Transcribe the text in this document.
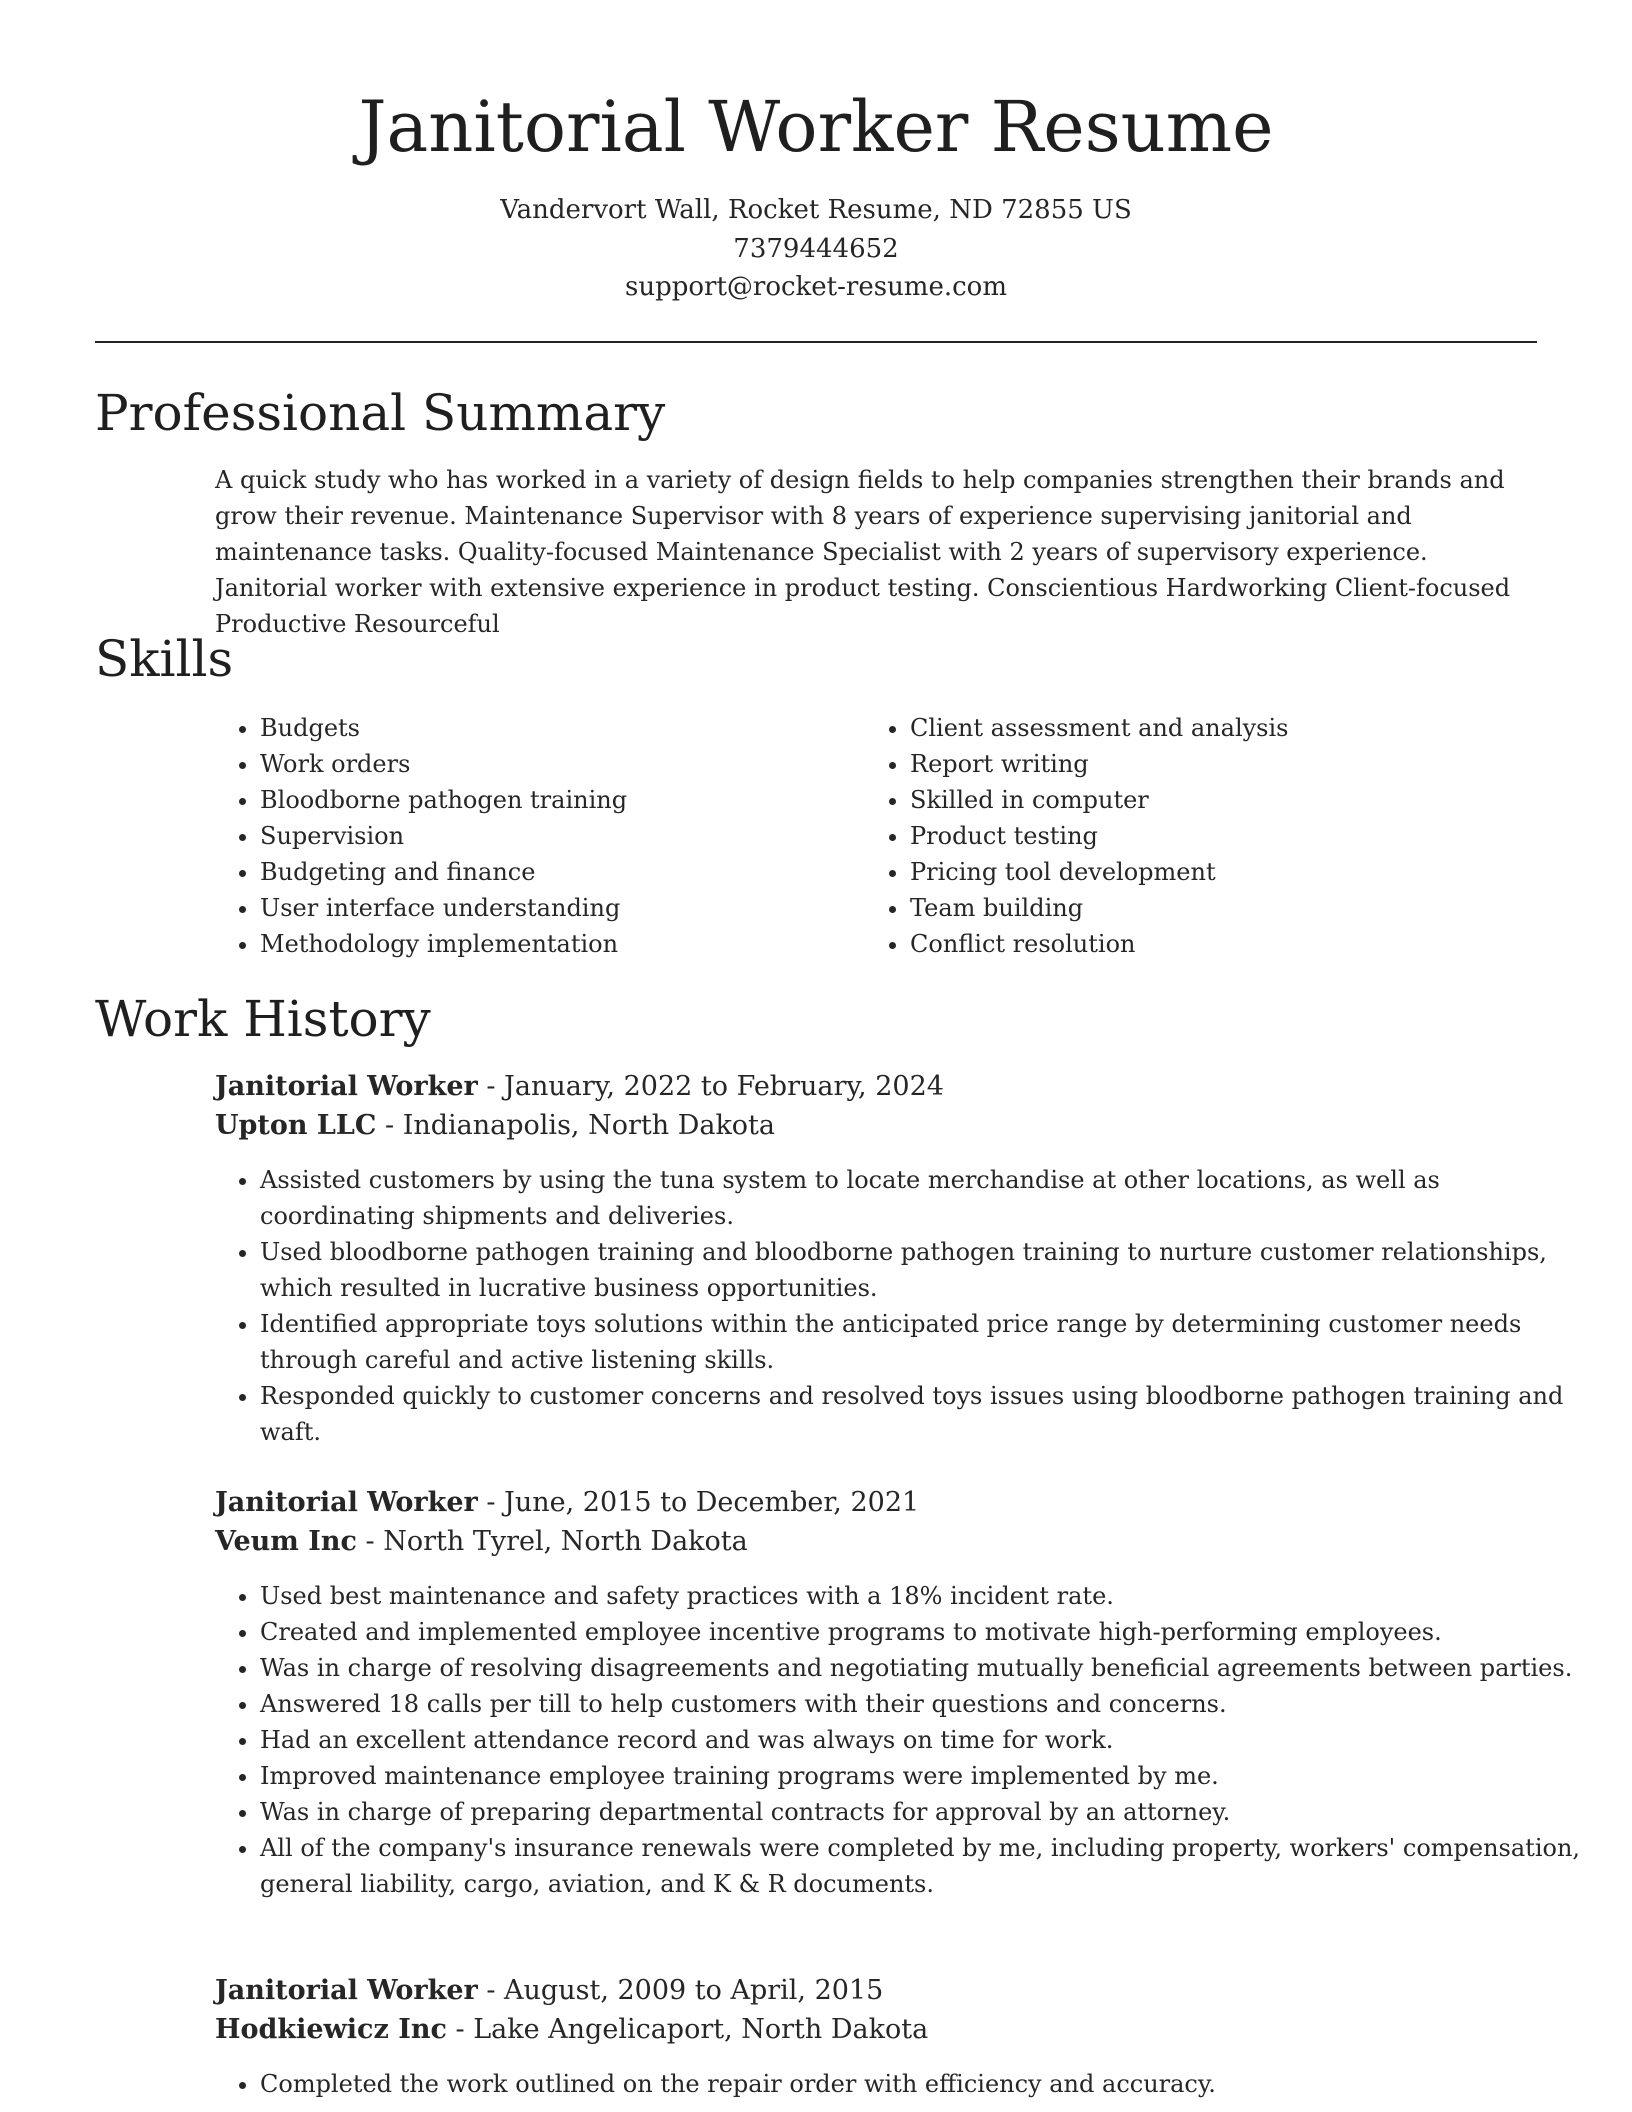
Janitorial Worker Resume
Vandervort Wall, Rocket Resume, ND 72855 US
7379444652
support@rocket-resume.com
Professional Summary

A quick study who has worked in a variety of design fields to help companies strengthen their brands and grow their revenue. Maintenance Supervisor with 8 years of experience supervising janitorial and maintenance tasks. Quality-focused Maintenance Specialist with 2 years of supervisory experience. Janitorial worker with extensive experience in product testing. Conscientious Hardworking Client-focused Productive Resourceful

Skills
• Budgets
• Work orders
• Bloodborne pathogen training
• Supervision
• Budgeting and finance
• User interface understanding
• Methodology implementation
• Client assessment and analysis
• Report writing
• Skilled in computer
• Product testing
• Pricing tool development
• Team building
• Conflict resolution
Work History
Janitorial Worker - January, 2022 to February, 2024
Upton LLC - Indianapolis, North Dakota
• Assisted customers by using the tuna system to locate merchandise at other locations, as well as coordinating shipments and deliveries.
• Used bloodborne pathogen training and bloodborne pathogen training to nurture customer relationships, which resulted in lucrative business opportunities.
• Identified appropriate toys solutions within the anticipated price range by determining customer needs through careful and active listening skills.
• Responded quickly to customer concerns and resolved toys issues using bloodborne pathogen training and waft.
Janitorial Worker - June, 2015 to December, 2021
Veum Inc - North Tyrel, North Dakota
• Used best maintenance and safety practices with a 18% incident rate.
• Created and implemented employee incentive programs to motivate high-performing employees.
• Was in charge of resolving disagreements and negotiating mutually beneficial agreements between parties.
• Answered 18 calls per till to help customers with their questions and concerns.
• Had an excellent attendance record and was always on time for work.
• Improved maintenance employee training programs were implemented by me.
• Was in charge of preparing departmental contracts for approval by an attorney.
• All of the company's insurance renewals were completed by me, including property, workers' compensation, general liability, cargo, aviation, and K & R documents.
Janitorial Worker - August, 2009 to April, 2015
Hodkiewicz Inc - Lake Angelicaport, North Dakota
• Completed the work outlined on the repair order with efficiency and accuracy.
